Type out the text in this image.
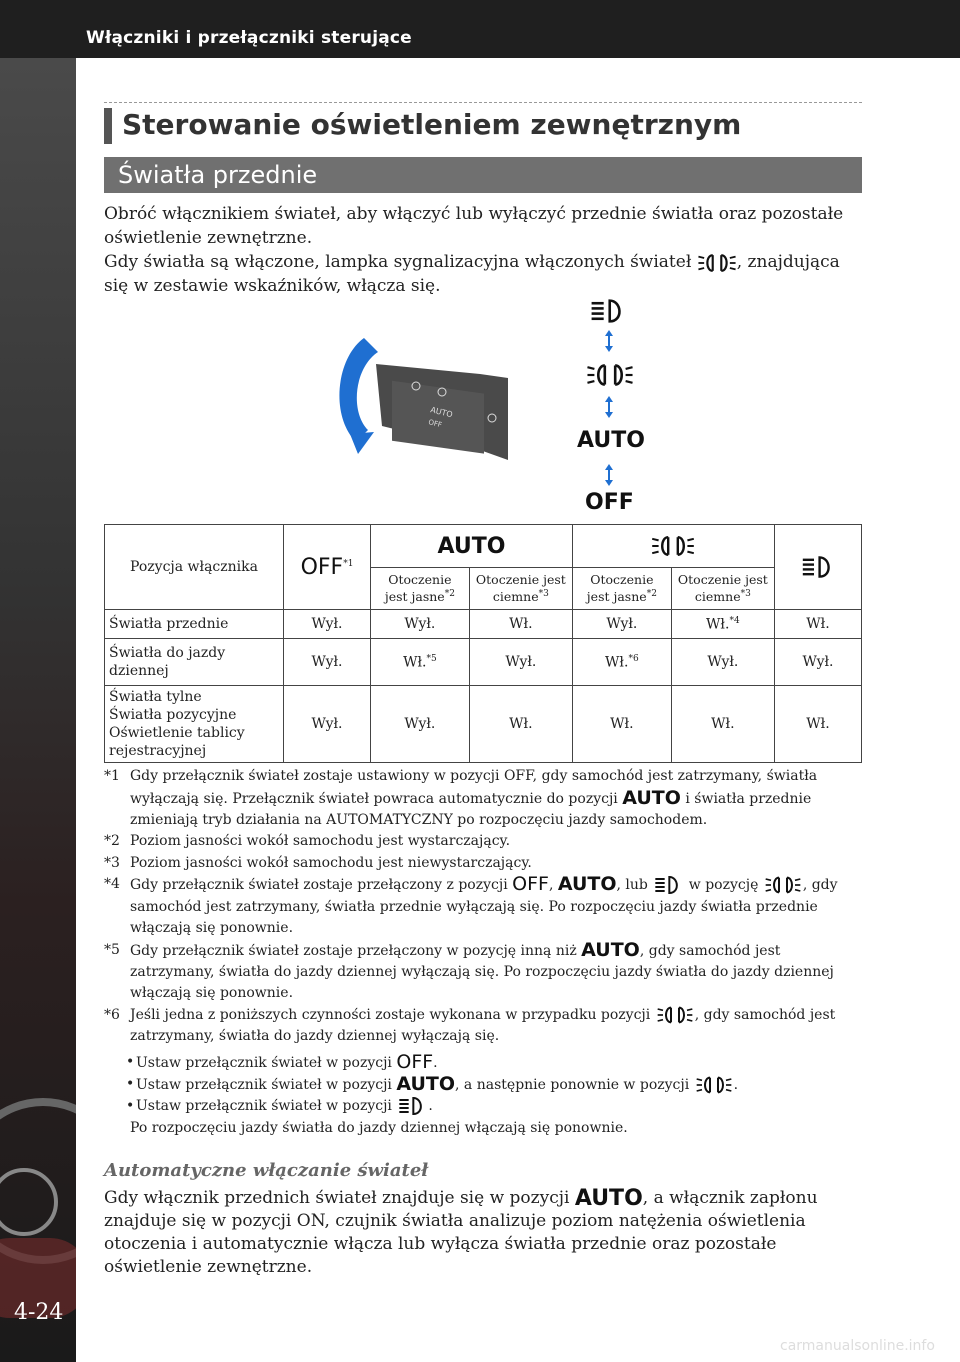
Włączniki i przełączniki sterujące
4-24
Sterowanie oświetleniem zewnętrznym
Światła przednie

Obróć włącznikiem świateł, aby włączyć lub wyłączyć przednie światła oraz pozostałe oświetlenie zewnętrzne.

Gdy światła są włączone, lampka sygnalizacyjna włączonych świateł	, znajdująca się w zestawie wskaźników, włącza się.

AUTO
OFF
AUTO
OFF
Pozycja włącznika	OFF$^{*1}$	AUTO		
		Otoczenie jest jasne$^{*2}$	Otoczenie jest ciemne$^{*3}$	Otoczenie jest jasne$^{*2}$	Otoczenie jest ciemne$^{*3}$
Światła przednie	Wył.	Wył.	Wł.	Wył.	Wł.$^{*4}$	Wł.
Światła do jazdy dziennej	Wył.	Wł.$^{*5}$	Wył.	Wł.$^{*6}$	Wył.	Wył.

Światła tylne
Światła pozycyjne
Oświetlenie tablicy rejestracyjnej	Wył.	Wył.	Wł.	Wł.	Wł.	Wł.

*1 Gdy przełącznik świateł zostaje ustawiony w pozycji OFF, gdy samochód jest zatrzymany, światła wyłączają się. Przełącznik świateł powraca automatycznie do pozycji AUTO i światła przednie zmieniają tryb działania na AUTOMATYCZNY po rozpoczęciu jazdy samochodem.

*2 Poziom jasności wokół samochodu jest wystarczający.

*3 Poziom jasności wokół samochodu jest niewystarczający.

*4 Gdy przełącznik świateł zostaje przełączony z pozycji OFF, AUTO, lub	w pozycję	, gdy samochód jest zatrzymany, światła przednie wyłączają się. Po rozpoczęciu jazdy światła przednie włączają się ponownie.

*5 Gdy przełącznik świateł zostaje przełączony w pozycję inną niż AUTO, gdy samochód jest zatrzymany, światła do jazdy dziennej wyłączają się. Po rozpoczęciu jazdy światła do jazdy dziennej włączają się ponownie.

*6 Jeśli jedna z poniższych czynności zostaje wykonana w przypadku pozycji	, gdy samochód jest zatrzymany, światła do jazdy dziennej wyłączają się.

• Ustaw przełącznik świateł w pozycji OFF.

• Ustaw przełącznik świateł w pozycji AUTO, a następnie ponownie w pozycji	.

• Ustaw przełącznik świateł w pozycji	.

Po rozpoczęciu jazdy światła do jazdy dziennej włączają się ponownie.

Automatyczne włączanie świateł

Gdy włącznik przednich świateł znajduje się w pozycji AUTO, a włącznik zapłonu znajduje się w pozycji ON, czujnik światła analizuje poziom natężenia oświetlenia otoczenia i automatycznie włącza lub wyłącza światła przednie oraz pozostałe oświetlenie zewnętrzne.

carmanualsonline.info
